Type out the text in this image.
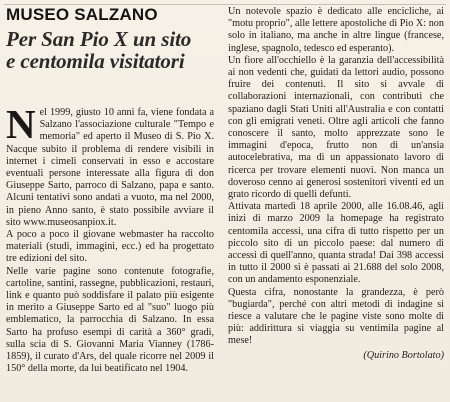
MUSEO SALZANO
Per San Pio X un sito
e centomila visitatori

N el 1999, giusto 10 anni fa, viene fondata a Salzano l'associazione culturale "Tempo e memoria" ed aperto il Museo di S. Pio X. Nacque subito il problema di rendere visibili in internet i cimeli conservati in esso e accostare eventuali persone interessate alla figura di don Giuseppe Sarto, parroco di Salzano, papa e santo. Alcuni tentativi sono andati a vuoto, ma nel 2000, in pieno Anno santo, è stato possibile avviare il sito www.museosanpiox.it.

A poco a poco il giovane webmaster ha raccolto materiali (studi, immagini, ecc.) ed ha progettato tre edizioni del sito.

Nelle varie pagine sono contenute fotografie, cartoline, santini, rassegne, pubblicazioni, restauri, link e quanto può soddisfare il palato più esigente in merito a Giuseppe Sarto ed al "suo" luogo più emblematico, la parrocchia di Salzano. In essa Sarto ha profuso esempi di carità a 360° gradi, sulla scia di S. Giovanni Maria Vianney (1786-1859), il curato d'Ars, del quale ricorre nel 2009 il 150° della morte, da lui beatificato nel 1904.

Un notevole spazio è dedicato alle encicliche, ai "motu proprio", alle lettere apostoliche di Pio X: non solo in italiano, ma anche in altre lingue (francese, inglese, spagnolo, tedesco ed esperanto).

Un fiore all'occhiello è la garanzia dell'accessibilità ai non vedenti che, guidati da lettori audio, possono fruire dei contenuti. Il sito si avvale di collaborazioni internazionali, con contributi che spaziano dagli Stati Uniti all'Australia e con contatti con gli emigrati veneti. Oltre agli articoli che fanno conoscere il santo, molto apprezzate sono le immagini d'epoca, frutto non di un'ansia autocelebrativa, ma di un appassionato lavoro di ricerca per trovare elementi nuovi. Non manca un doveroso cenno ai generosi sostenitori viventi ed un grato ricordo di quelli defunti.

Attivata martedì 18 aprile 2000, alle 16.08.46, agli inizi di marzo 2009 la homepage ha registrato centomila accessi, una cifra di tutto rispetto per un piccolo sito di un piccolo paese: dal numero di accessi di quell'anno, quanta strada! Dai 398 accessi in tutto il 2000 si è passati ai 21.688 del solo 2008, con un andamento esponenziale.

Questa cifra, nonostante la grandezza, è però "bugiarda", perché con altri metodi di indagine si riesce a valutare che le pagine viste sono molte di più: addirittura si viaggia su ventimila pagine al mese!

(Quirino Bortolato)
